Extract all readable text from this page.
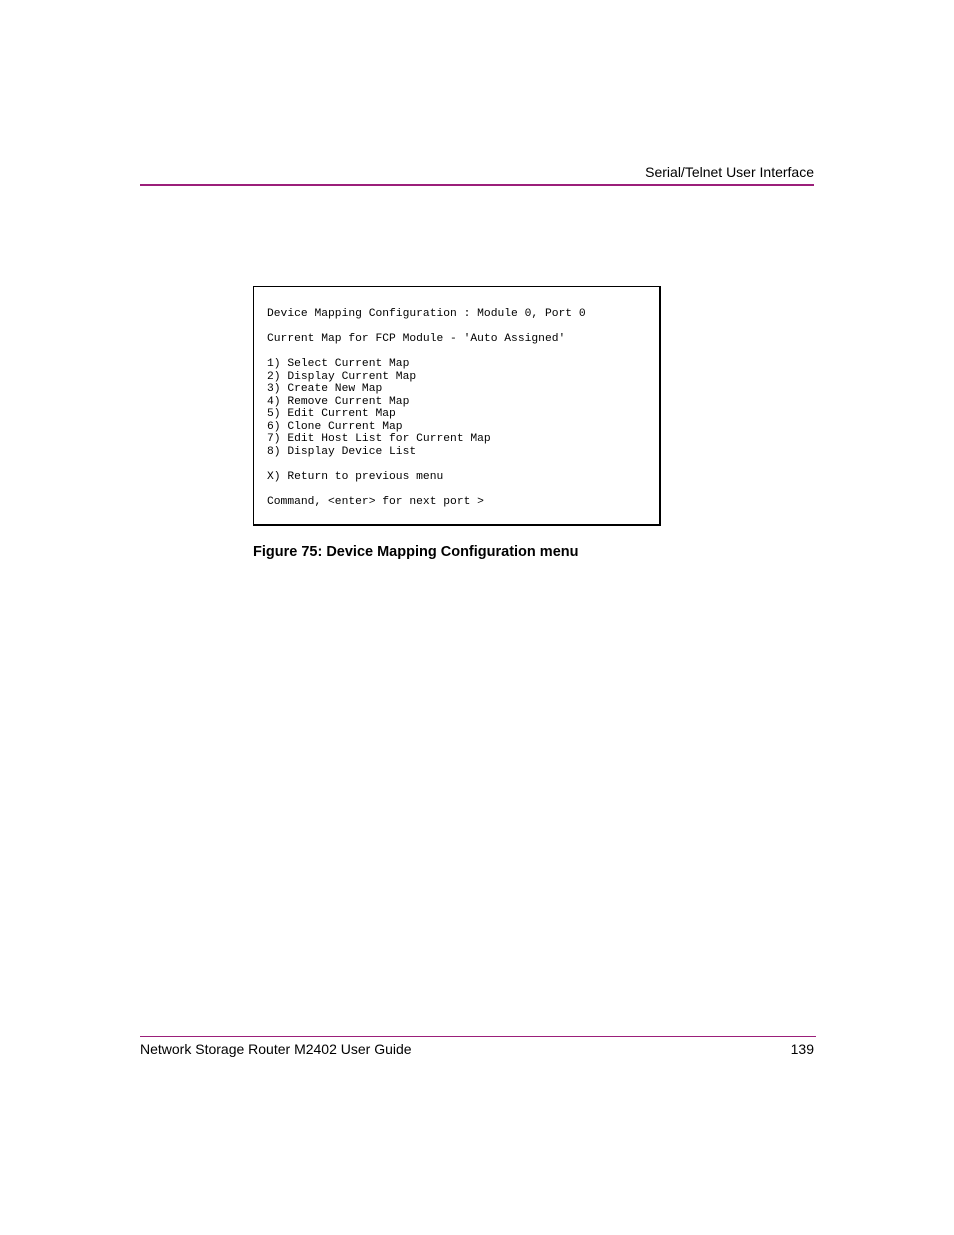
Serial/Telnet User Interface
Device Mapping Configuration : Module 0, Port 0

Current Map for FCP Module - 'Auto Assigned'

1) Select Current Map
2) Display Current Map
3) Create New Map
4) Remove Current Map
5) Edit Current Map
6) Clone Current Map
7) Edit Host List for Current Map
8) Display Device List

X) Return to previous menu

Command, <enter> for next port >
Figure 75: Device Mapping Configuration menu
Network Storage Router M2402 User Guide	139
